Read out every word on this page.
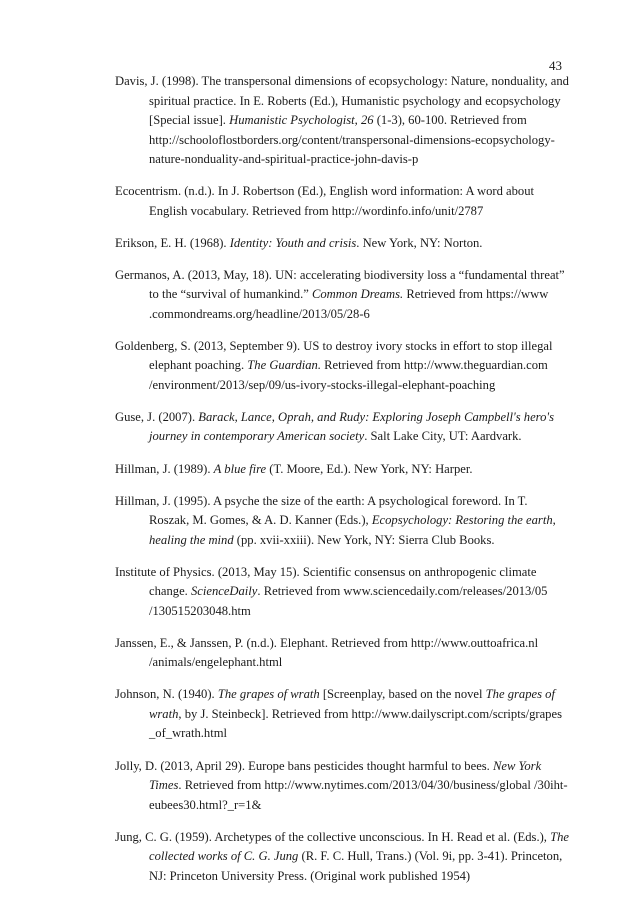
43

Davis, J. (1998). The transpersonal dimensions of ecopsychology: Nature, nonduality, and spiritual practice. In E. Roberts (Ed.), Humanistic psychology and ecopsychology [Special issue]. Humanistic Psychologist, 26 (1-3), 60-100. Retrieved from http://schooloflostborders.org/content/transpersonal-dimensions-ecopsychology-nature-nonduality-and-spiritual-practice-john-davis-p

Ecocentrism. (n.d.). In J. Robertson (Ed.), English word information: A word about English vocabulary. Retrieved from http://wordinfo.info/unit/2787

Erikson, E. H. (1968). Identity: Youth and crisis. New York, NY: Norton.

Germanos, A. (2013, May, 18). UN: accelerating biodiversity loss a “fundamental threat” to the “survival of humankind.” Common Dreams. Retrieved from https://www .commondreams.org/headline/2013/05/28-6

Goldenberg, S. (2013, September 9). US to destroy ivory stocks in effort to stop illegal elephant poaching. The Guardian. Retrieved from http://www.theguardian.com /environment/2013/sep/09/us-ivory-stocks-illegal-elephant-poaching

Guse, J. (2007). Barack, Lance, Oprah, and Rudy: Exploring Joseph Campbell's hero's journey in contemporary American society. Salt Lake City, UT: Aardvark.

Hillman, J. (1989). A blue fire (T. Moore, Ed.). New York, NY: Harper.

Hillman, J. (1995). A psyche the size of the earth: A psychological foreword. In T. Roszak, M. Gomes, & A. D. Kanner (Eds.), Ecopsychology: Restoring the earth, healing the mind (pp. xvii-xxiii). New York, NY: Sierra Club Books.

Institute of Physics. (2013, May 15). Scientific consensus on anthropogenic climate change. ScienceDaily. Retrieved from www.sciencedaily.com/releases/2013/05 /130515203048.htm

Janssen, E., & Janssen, P. (n.d.). Elephant. Retrieved from http://www.outtoafrica.nl /animals/engelephant.html

Johnson, N. (1940). The grapes of wrath [Screenplay, based on the novel The grapes of wrath, by J. Steinbeck]. Retrieved from http://www.dailyscript.com/scripts/grapes _of_wrath.html

Jolly, D. (2013, April 29). Europe bans pesticides thought harmful to bees. New York Times. Retrieved from http://www.nytimes.com/2013/04/30/business/global /30iht-eubees30.html?_r=1&

Jung, C. G. (1959). Archetypes of the collective unconscious. In H. Read et al. (Eds.), The collected works of C. G. Jung (R. F. C. Hull, Trans.) (Vol. 9i, pp. 3-41). Princeton, NJ: Princeton University Press. (Original work published 1954)
